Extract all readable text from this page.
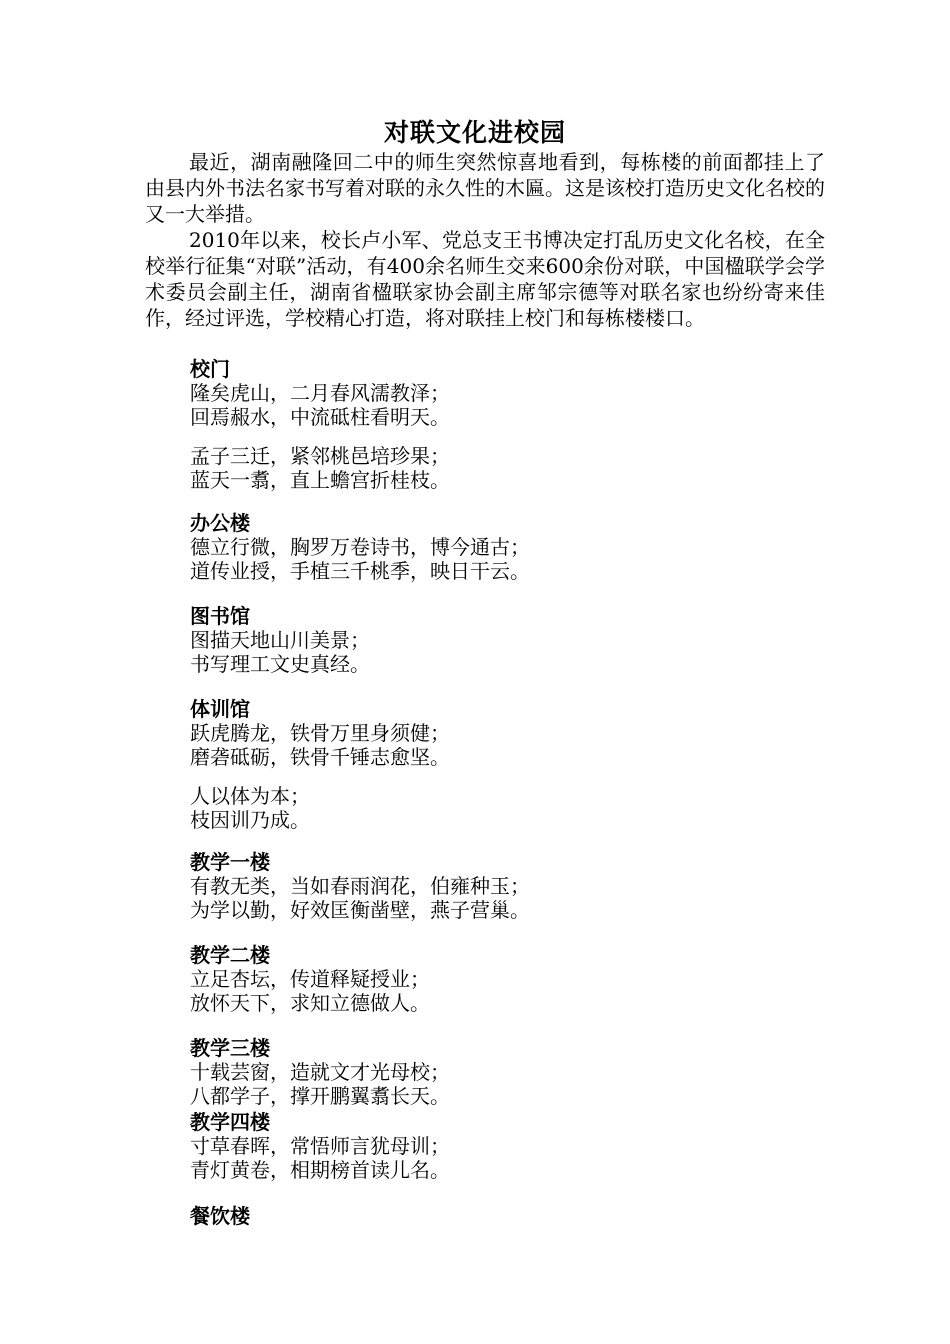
对联文化进校园
最近，湖南融隆回二中的师生突然惊喜地看到，每栋楼的前面都挂上了由县内外书法名家书写着对联的永久性的木匾。这是该校打造历史文化名校的又一大举措。
2010年以来，校长卢小军、党总支王书博决定打乱历史文化名校，在全校举行征集“对联”活动，有400余名师生交来600余份对联，中国楹联学会学术委员会副主任，湖南省楹联家协会副主席邹宗德等对联名家也纷纷寄来佳作，经过评选，学校精心打造，将对联挂上校门和每栋楼楼口。
校门
隆矣虎山，二月春风濡教泽；
回焉赧水，中流砥柱看明天。
孟子三迁，紧邻桃邑培珍果；
蓝天一翥，直上蟾宫折桂枝。
办公楼
德立行微，胸罗万卷诗书，博今通古；
道传业授，手植三千桃季，映日干云。
图书馆
图描天地山川美景；
书写理工文史真经。
体训馆
跃虎腾龙，铁骨万里身须健；
磨砻砥砺，铁骨千锤志愈坚。
人以体为本；
枝因训乃成。
教学一楼
有教无类，当如春雨润花，伯雍种玉；
为学以勤，好效匡衡凿壁，燕子营巢。
教学二楼
立足杏坛，传道释疑授业；
放怀天下，求知立德做人。
教学三楼
十载芸窗，造就文才光母校；
八都学子，撑开鹏翼翥长天。
教学四楼
寸草春晖，常悟师言犹母训；
青灯黄卷，相期榜首读儿名。
餐饮楼
